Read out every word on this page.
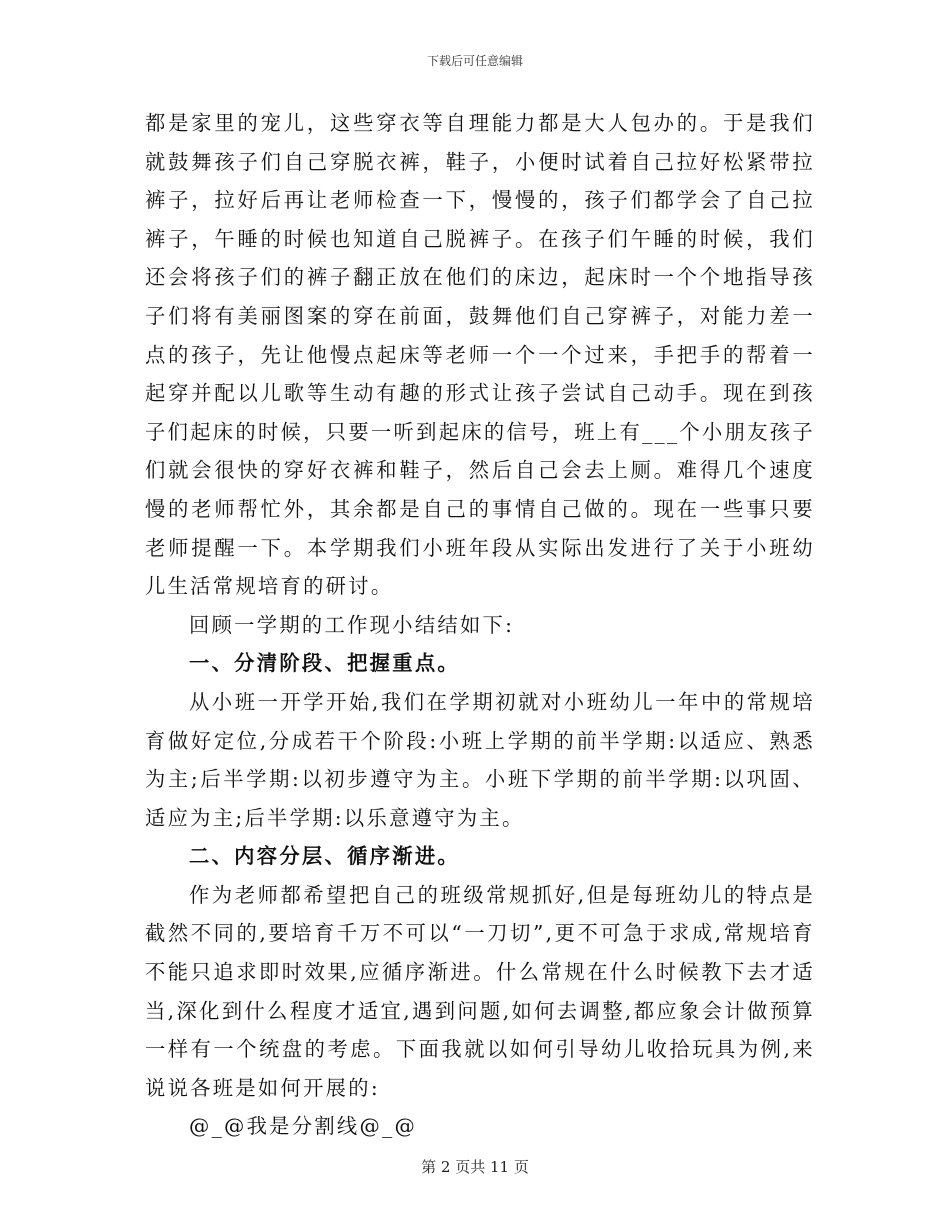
下载后可任意编辑

都是家里的宠儿，这些穿衣等自理能力都是大人包办的。于是我们就鼓舞孩子们自己穿脱衣裤，鞋子，小便时试着自己拉好松紧带拉裤子，拉好后再让老师检查一下，慢慢的，孩子们都学会了自己拉裤子，午睡的时候也知道自己脱裤子。在孩子们午睡的时候，我们还会将孩子们的裤子翻正放在他们的床边，起床时一个个地指导孩子们将有美丽图案的穿在前面，鼓舞他们自己穿裤子，对能力差一点的孩子，先让他慢点起床等老师一个一个过来，手把手的帮着一起穿并配以儿歌等生动有趣的形式让孩子尝试自己动手。现在到孩子们起床的时候，只要一听到起床的信号，班上有___个小朋友孩子们就会很快的穿好衣裤和鞋子，然后自己会去上厕。难得几个速度慢的老师帮忙外，其余都是自己的事情自己做的。现在一些事只要老师提醒一下。本学期我们小班年段从实际出发进行了关于小班幼儿生活常规培育的研讨。

回顾一学期的工作现小结结如下:

一、分清阶段、把握重点。

从小班一开学开始,我们在学期初就对小班幼儿一年中的常规培育做好定位,分成若干个阶段:小班上学期的前半学期:以适应、熟悉为主;后半学期:以初步遵守为主。小班下学期的前半学期:以巩固、适应为主;后半学期:以乐意遵守为主。

二、内容分层、循序渐进。

作为老师都希望把自己的班级常规抓好,但是每班幼儿的特点是截然不同的,要培育千万不可以“一刀切”,更不可急于求成,常规培育不能只追求即时效果,应循序渐进。什么常规在什么时候教下去才适当,深化到什么程度才适宜,遇到问题,如何去调整,都应象会计做预算一样有一个统盘的考虑。下面我就以如何引导幼儿收拾玩具为例,来说说各班是如何开展的:

@_@我是分割线@_@

第 2 页共 11 页
